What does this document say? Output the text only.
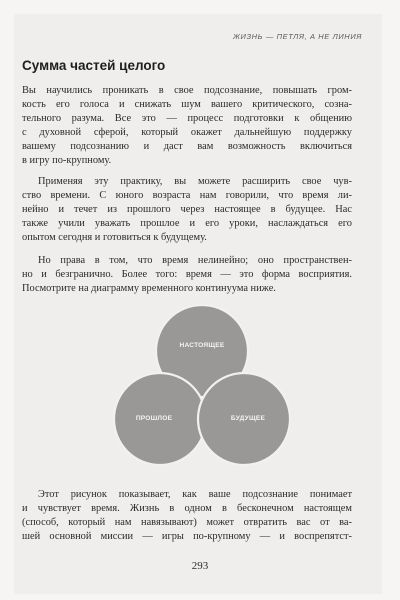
ЖИЗНЬ — ПЕТЛЯ, А НЕ ЛИНИЯ
Сумма частей целого
Вы научились проникать в свое подсознание, повышать гром-
кость его голоса и снижать шум вашего критического, созна-
тельного разума. Все это — процесс подготовки к общению
с духовной сферой, который окажет дальнейшую поддержку
вашему подсознанию и даст вам возможность включиться
в игру по-крупному.
Применяя эту практику, вы можете расширить свое чув-
ство времени. С юного возраста нам говорили, что время ли-
нейно и течет из прошлого через настоящее в будущее. Нас
также учили уважать прошлое и его уроки, наслаждаться его
опытом сегодня и готовиться к будущему.
Но права в том, что время нелинейно; оно пространствен-
но и безгранично. Более того: время — это форма восприятия.
Посмотрите на диаграмму временного континуума ниже.
НАСТОЯЩЕЕ
ПРОШЛОЕ	БУДУЩЕЕ
Этот рисунок показывает, как ваше подсознание понимает
и чувствует время. Жизнь в одном в бесконечном настоящем
(способ, который нам навязывают) может отвратить вас от ва-
шей основной миссии — игры по-крупному — и воспрепятст-
293
